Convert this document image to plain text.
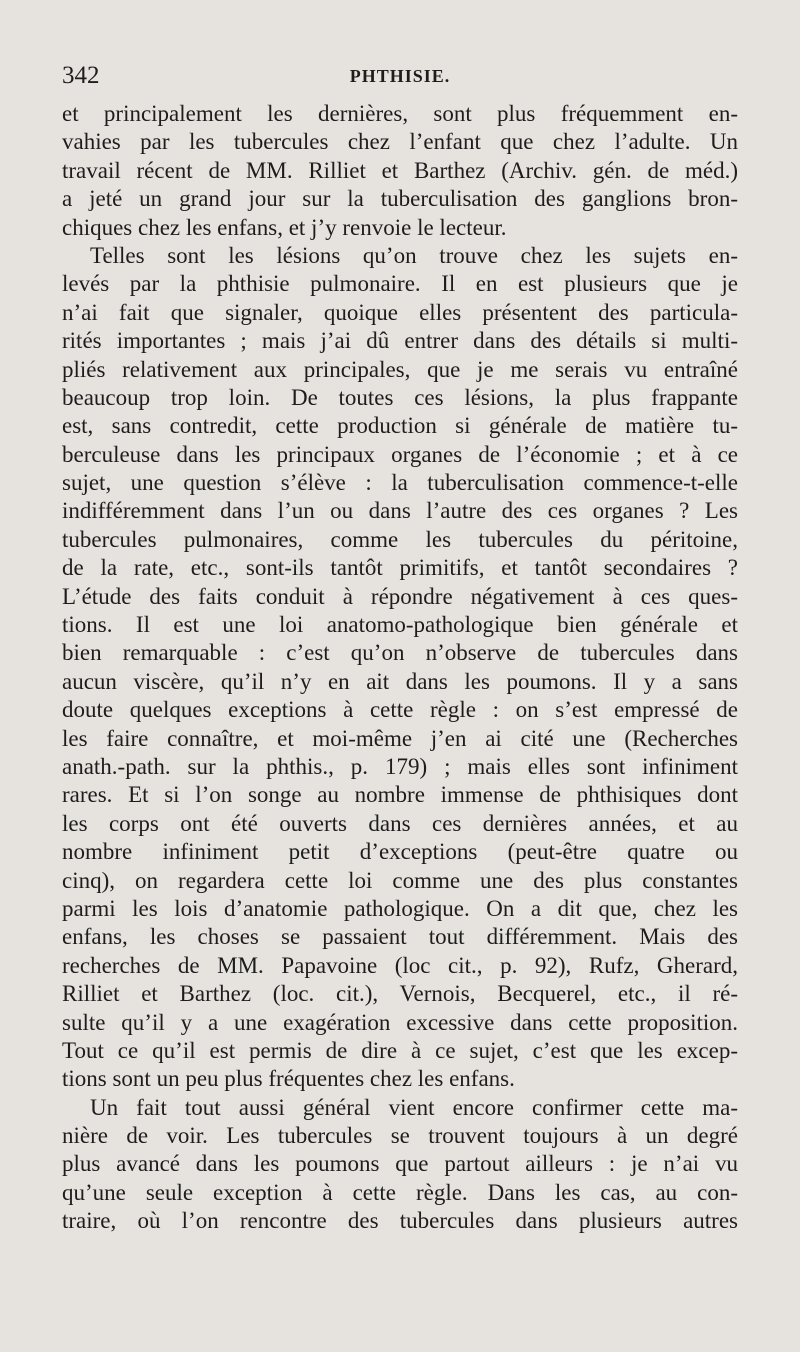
342	PHTHISIE.
et principalement les dernières, sont plus fréquemment en-
vahies par les tubercules chez l’enfant que chez l’adulte. Un
travail récent de MM. Rilliet et Barthez (Archiv. gén. de méd.)
a jeté un grand jour sur la tuberculisation des ganglions bron-
chiques chez les enfans, et j’y renvoie le lecteur.
Telles sont les lésions qu’on trouve chez les sujets en-
levés par la phthisie pulmonaire. Il en est plusieurs que je
n’ai fait que signaler, quoique elles présentent des particula-
rités importantes ; mais j’ai dû entrer dans des détails si multi-
pliés relativement aux principales, que je me serais vu entraîné
beaucoup trop loin. De toutes ces lésions, la plus frappante
est, sans contredit, cette production si générale de matière tu-
berculeuse dans les principaux organes de l’économie ; et à ce
sujet, une question s’élève : la tuberculisation commence-t-elle
indifféremment dans l’un ou dans l’autre des ces organes ? Les
tubercules pulmonaires, comme les tubercules du péritoine,
de la rate, etc., sont-ils tantôt primitifs, et tantôt secondaires ?
L’étude des faits conduit à répondre négativement à ces ques-
tions. Il est une loi anatomo-pathologique bien générale et
bien remarquable : c’est qu’on n’observe de tubercules dans
aucun viscère, qu’il n’y en ait dans les poumons. Il y a sans
doute quelques exceptions à cette règle : on s’est empressé de
les faire connaître, et moi-même j’en ai cité une (Recherches
anath.-path. sur la phthis., p. 179) ; mais elles sont infiniment
rares. Et si l’on songe au nombre immense de phthisiques dont
les corps ont été ouverts dans ces dernières années, et au
nombre infiniment petit d’exceptions (peut-être quatre ou
cinq), on regardera cette loi comme une des plus constantes
parmi les lois d’anatomie pathologique. On a dit que, chez les
enfans, les choses se passaient tout différemment. Mais des
recherches de MM. Papavoine (loc cit., p. 92), Rufz, Gherard,
Rilliet et Barthez (loc. cit.), Vernois, Becquerel, etc., il ré-
sulte qu’il y a une exagération excessive dans cette proposition.
Tout ce qu’il est permis de dire à ce sujet, c’est que les excep-
tions sont un peu plus fréquentes chez les enfans.
Un fait tout aussi général vient encore confirmer cette ma-
nière de voir. Les tubercules se trouvent toujours à un degré
plus avancé dans les poumons que partout ailleurs : je n’ai vu
qu’une seule exception à cette règle. Dans les cas, au con-
traire, où l’on rencontre des tubercules dans plusieurs autres
